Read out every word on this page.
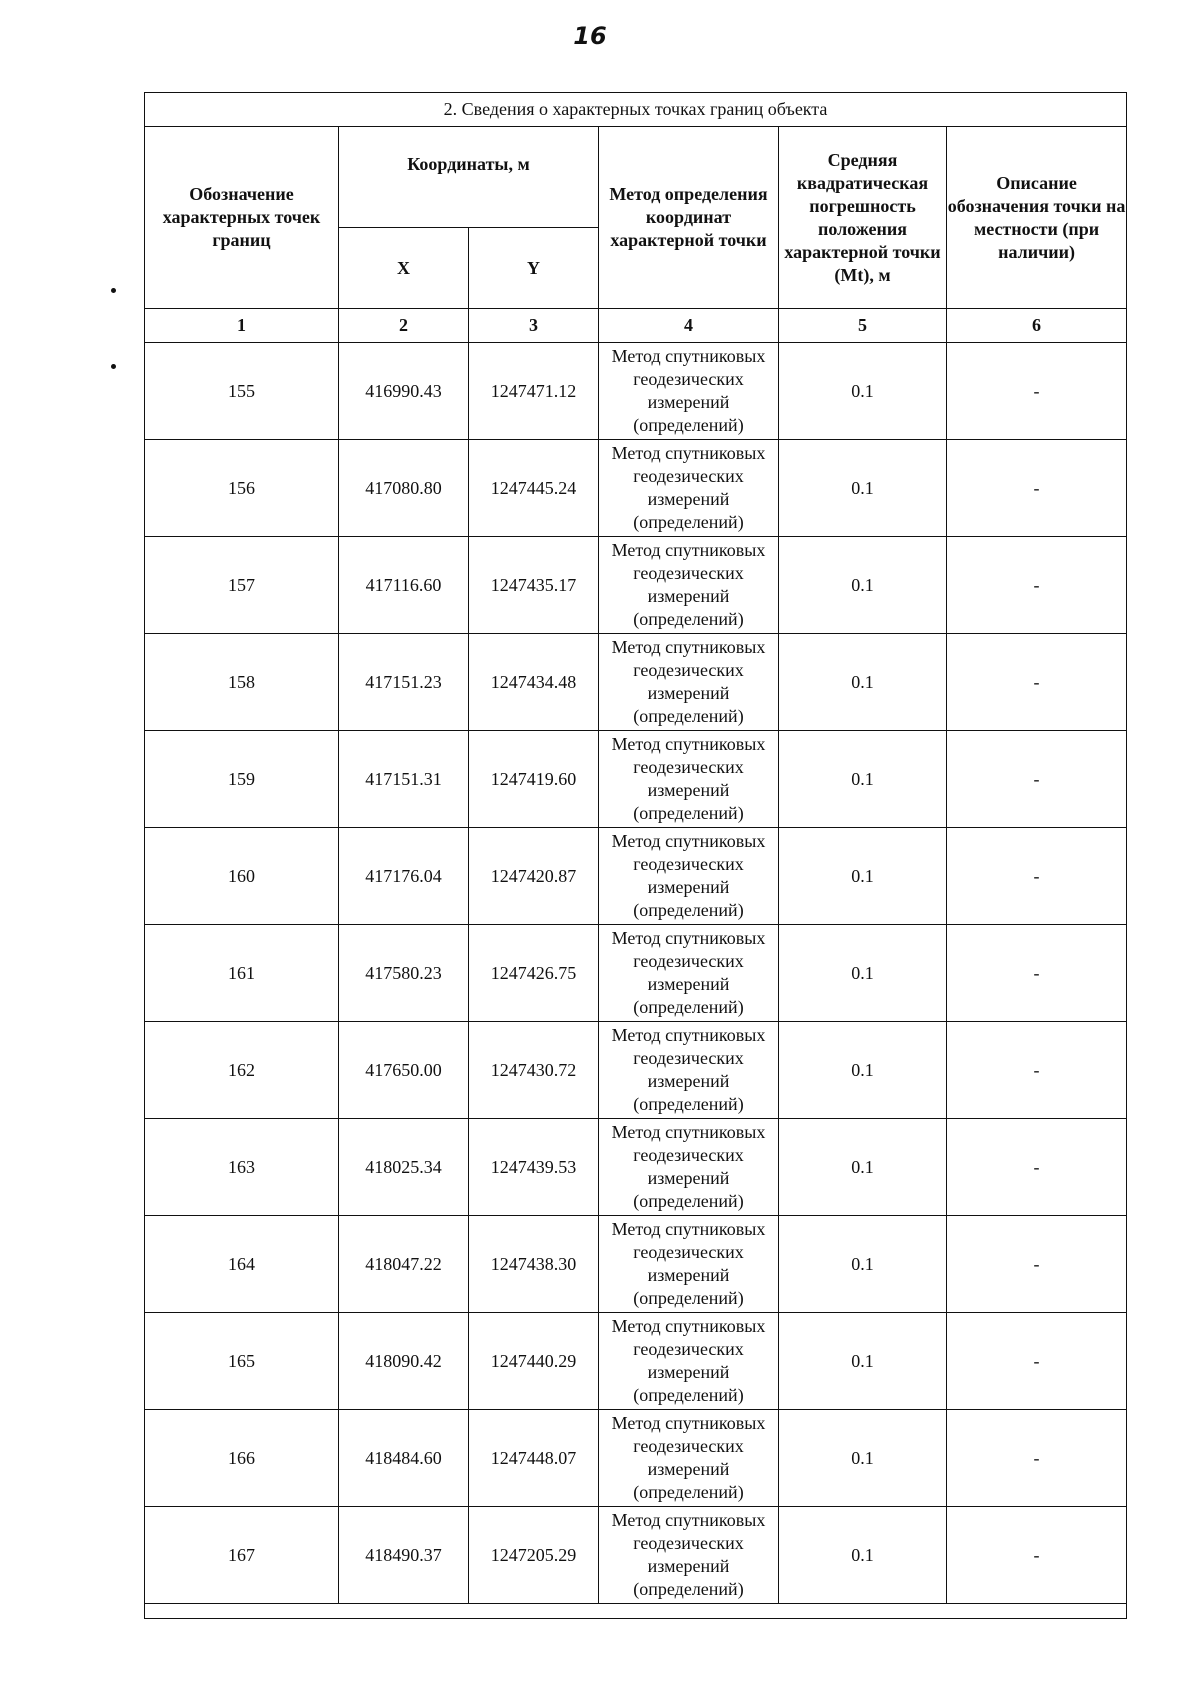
16
2. Сведения о характерных точках границ объекта					
Обозначение характерных точек границ	Координаты, м		Метод определения координат характерной точки	Средняя квадратическая погрешность положения характерной точки (Mt), м	Описание обозначения точки на местности (при наличии)
	X	Y			
1	2	3	4	5	6
155	416990.43	1247471.12	Метод спутниковых геодезических измерений (определений)	0.1	-
156	417080.80	1247445.24	Метод спутниковых геодезических измерений (определений)	0.1	-
157	417116.60	1247435.17	Метод спутниковых геодезических измерений (определений)	0.1	-
158	417151.23	1247434.48	Метод спутниковых геодезических измерений (определений)	0.1	-
159	417151.31	1247419.60	Метод спутниковых геодезических измерений (определений)	0.1	-
160	417176.04	1247420.87	Метод спутниковых геодезических измерений (определений)	0.1	-
161	417580.23	1247426.75	Метод спутниковых геодезических измерений (определений)	0.1	-
162	417650.00	1247430.72	Метод спутниковых геодезических измерений (определений)	0.1	-
163	418025.34	1247439.53	Метод спутниковых геодезических измерений (определений)	0.1	-
164	418047.22	1247438.30	Метод спутниковых геодезических измерений (определений)	0.1	-
165	418090.42	1247440.29	Метод спутниковых геодезических измерений (определений)	0.1	-
166	418484.60	1247448.07	Метод спутниковых геодезических измерений (определений)	0.1	-
167	418490.37	1247205.29	Метод спутниковых геодезических измерений (определений)	0.1	-
